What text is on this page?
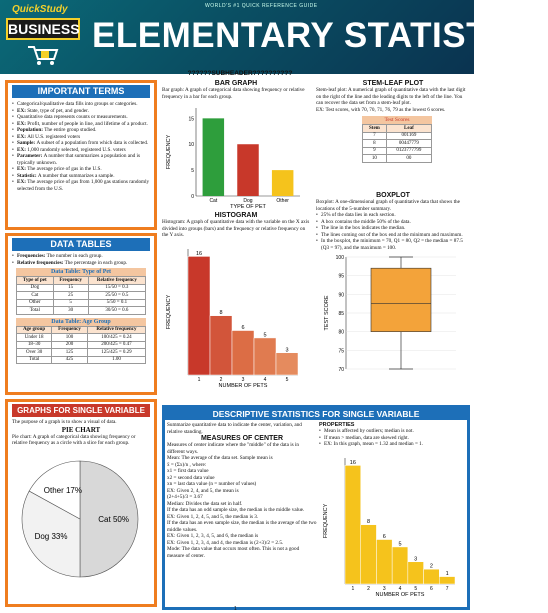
WORLD'S #1 QUICK REFERENCE GUIDE
ELEMENTARY STATISTICS
QuickStudy
BUSINESS
??????SUBHEADER??????????
IMPORTANT TERMS
• Categorical/qualitative data fills into groups or categories.
• EX: State, type of pet, and gender.
• Quantitative data represents counts or measurements.
• EX: Profit, number of people in line, and lifetime of a product.
• Population: The entire group studied.
• EX: All U.S. registered voters
• Sample: A subset of a population from which data is collected.
• EX: 1,000 randomly selected, registered U.S. voters
• Parameter: A number that summarizes a population and is typically unknown.
• EX: The average price of gas in the U.S.
• Statistic: A number that summarizes a sample.
• EX: The average price of gas from 1,000 gas stations randomly selected from the U.S.
DATA TABLES
• Frequencies: The number in each group.
• Relative frequencies: The percentage in each group.
Data Table: Type of Pet
Type of pet	Frequency	Relative frequency
Dog	15	15/50 = 0.3
Cat	25	25/50 = 0.5
Other	5	5/50 = 0.1
Total	30	30/50 = 0.6
Data Table: Age Group
Age group	Frequency	Relative frequency
Under 18	100	100/425 = 0.24
18–30	200	200/425 = 0.47
Over 30	125	125/425 = 0.29
Total	425	1.00
GRAPHS FOR SINGLE VARIABLE
The purpose of a graph is to show a visual of data.
PIE CHART
Pie chart: A graph of categorical data showing frequency or relative frequency as a circle with a slice for each group.
Cat 50%
Dog 33%
Other 17%
BAR GRAPH
Bar graph: A graph of categorical data showing frequency or relative frequency in a bar for each group.
Cat	Dog	Other
0
5
10
15
TYPE OF PET
FREQUENCY
HISTOGRAM
Histogram: A graph of quantitative data with the variable on the X axis divided into groups (bars) and the frequency or relative frequency on the Y axis.
1
16
2
8
3
6
4
5
5
3
NUMBER OF PETS
FREQUENCY
STEM-LEAF PLOT
Stem-leaf plot: A numerical graph of quantitative data with the last digit on the right of the line and the leading digits to the left of the line. You can recover the data set from a stem-leaf plot.
EX: Test scores, with 70, 70, 71, 76, 79 as the lowest 6 scores.
Test Scores
Stem	Leaf
7	001169
8	00447779
9	0123777799
10	00
BOXPLOT
Boxplot: A one-dimensional graph of quantitative data that shows the locations of the 5-number summary.
• 25% of the data lies in each section.
• A box contains the middle 50% of the data.
• The line in the box indicates the median.
• The lines coming out of the box end at the minimum and maximum.
• In the boxplot, the minimum = 70, Q1 = 80, Q2 = the median = 87.5 (Q3 = 97), and the maximum = 100.
70
75
80
85
90
95
100
TEST SCORE
DESCRIPTIVE STATISTICS FOR SINGLE VARIABLE
Summarize quantitative data to indicate the center, variation, and relative standing.
MEASURES OF CENTER
Measures of center indicate where the "middle" of the data is in different ways.
Mean: The average of the data set. Sample mean is
x̄ = (Σx)/n , where:
x1 = first data value
x2 = second data value
xn = last data value (n = number of values)
EX: Given 2, 4, and 5, the mean is
(2+4+5)/3 = 3.67
Median: Divides the data set in half.
If the data has an odd sample size, the median is the middle value.
EX: Given 1, 2, 4, 5, and 5, the median is 3.
If the data has an even sample size, the median is the average of the two middle values.
EX: Given 1, 2, 3, 4, 5, and 6, the median is
EX: Given 1, 2, 3, 4, and 4, the median is (2+3)/2 = 2.5.
Mode: The data value that occurs most often. This is not a good measure of center.
PROPERTIES
• Mean is affected by outliers; median is not.
• If mean > median, data are skewed right.
• EX: In this graph, mean = 1.32 and median = 1.
1
16
2
8
3
6
4
5
5
3
6
2
7
1
NUMBER OF PETS
FREQUENCY
1
